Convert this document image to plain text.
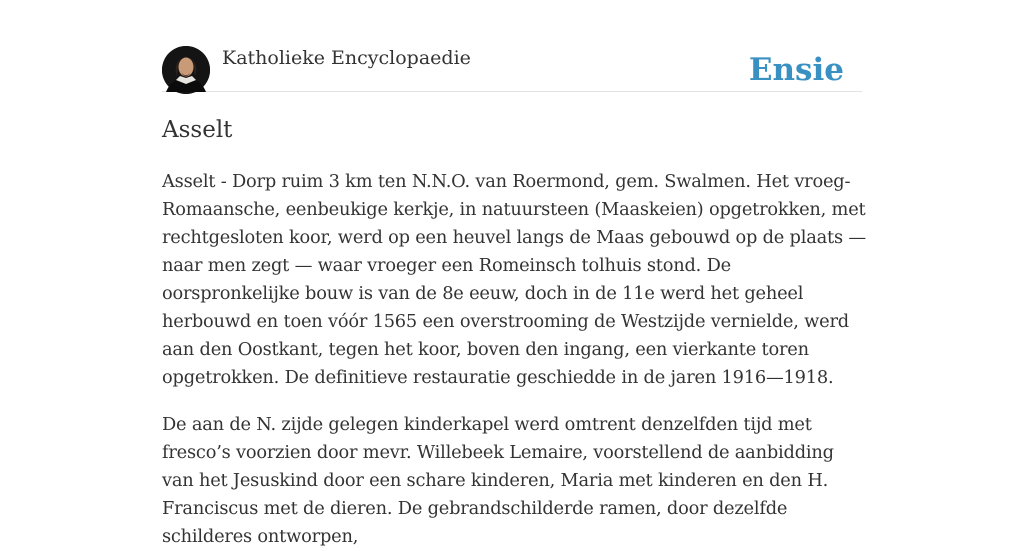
Katholieke Encyclopaedie	Ensie
Asselt

Asselt - Dorp ruim 3 km ten N.N.O. van Roermond, gem. Swalmen. Het vroeg-Romaansche, eenbeukige kerkje, in natuursteen (Maaskeien) opgetrokken, met rechtgesloten koor, werd op een heuvel langs de Maas gebouwd op de plaats — naar men zegt — waar vroeger een Romeinsch tolhuis stond. De oorspronkelijke bouw is van de 8e eeuw, doch in de 11e werd het geheel herbouwd en toen vóór 1565 een overstrooming de Westzijde vernielde, werd aan den Oostkant, tegen het koor, boven den ingang, een vierkante toren opgetrokken. De definitieve restauratie geschiedde in de jaren 1916—1918.

De aan de N. zijde gelegen kinderkapel werd omtrent denzelfden tijd met fresco’s voorzien door mevr. Willebeek Lemaire, voorstellend de aanbidding van het Jesuskind door een schare kinderen, Maria met kinderen en den H. Franciscus met de dieren. De gebrandschilderde ramen, door dezelfde schilderes ontworpen,
